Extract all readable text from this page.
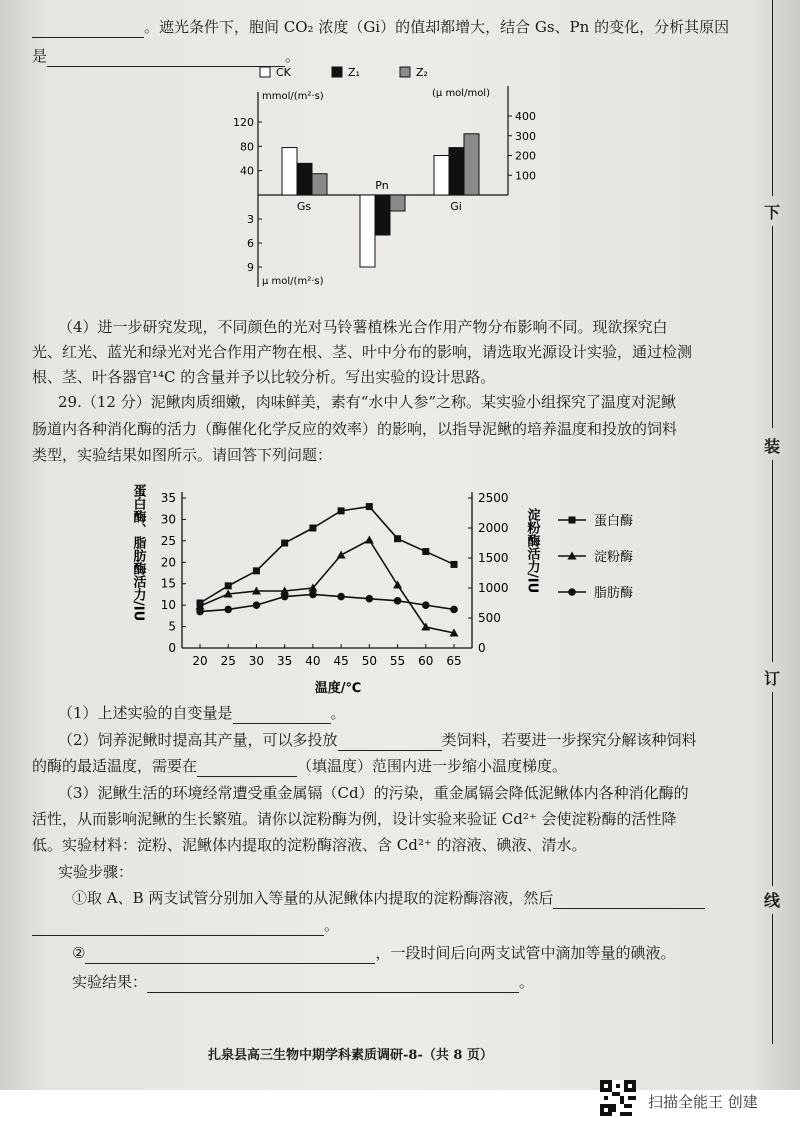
。遮光条件下，胞间 CO₂ 浓度（Gi）的值却都增大，结合 Gs、Pn 的变化，分析其原因
是	。
CK	Z₁	Z₂
mmol/(m²·s)	(μ mol/mol)
μ mol/(m²·s)
120
80
40
3
6
9
400
300
200
100
Gs
Pn
Gi
（4）进一步研究发现，不同颜色的光对马铃薯植株光合作用产物分布影响不同。现欲探究白
光、红光、蓝光和绿光对光合作用产物在根、茎、叶中分布的影响，请选取光源设计实验，通过检测
根、茎、叶各器官¹⁴C 的含量并予以比较分析。写出实验的设计思路。
29.（12 分）泥鳅肉质细嫩，肉味鲜美，素有“水中人参”之称。某实验小组探究了温度对泥鳅
肠道内各种消化酶的活力（酶催化化学反应的效率）的影响，以指导泥鳅的培养温度和投放的饲料
类型，实验结果如图所示。请回答下列问题：
0
5
10
15
20
25
30
35
0
500
1000
1500
2000
2500
20 25 30 35 40 45 50 55 60 65
温度/℃
蛋白酶、脂肪酶活力/IU	淀粉酶活力/IU	蛋白酶
淀粉酶
脂肪酶
（1）上述实验的自变量是	。
（2）饲养泥鳅时提高其产量，可以多投放	类饲料，若要进一步探究分解该种饲料
的酶的最适温度，需要在	（填温度）范围内进一步缩小温度梯度。
（3）泥鳅生活的环境经常遭受重金属镉（Cd）的污染，重金属镉会降低泥鳅体内各种消化酶的
活性，从而影响泥鳅的生长繁殖。请你以淀粉酶为例，设计实验来验证 Cd²⁺ 会使淀粉酶的活性降
低。实验材料：淀粉、泥鳅体内提取的淀粉酶溶液、含 Cd²⁺ 的溶液、碘液、清水。
实验步骤：
①取 A、B 两支试管分别加入等量的从泥鳅体内提取的淀粉酶溶液，然后
。
②	，一段时间后向两支试管中滴加等量的碘液。
实验结果：	。
下
装
订
线
扎泉县高三生物中期学科素质调研-8-（共 8 页）
扫描全能王 创建
